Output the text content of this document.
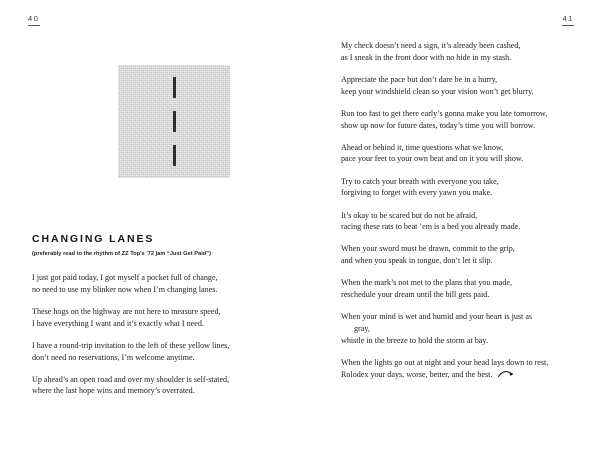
40
CHANGING LANES

(preferably read to the rhythm of ZZ Top's '72 jam “Just Get Paid”)

I just got paid today, I got myself a pocket full of change,
no need to use my blinker now when I’m changing lanes.

These hogs on the highway are not here to measure speed,
I have everything I want and it’s exactly what I need.

I have a round-trip invitation to the left of these yellow lines,
don’t need no reservations, I’m welcome anytime.

Up ahead’s an open road and over my shoulder is self-stated,
where the last hope wins and memory’s overrated.

41

My check doesn’t need a sign, it’s already been cashed,
as I sneak in the front door with no hide in my stash.

Appreciate the pace but don’t dare be in a hurry,
keep your windshield clean so your vision won’t get blurry.

Run too fast to get there early’s gonna make you late tomorrow,
show up now for future dates, today’s time you will borrow.

Ahead or behind it, time questions what we know,
pace your feet to your own beat and on it you will show.

Try to catch your breath with everyone you take,
forgiving to forget with every yawn you make.

It’s okay to be scared but do not be afraid,
racing these rats to beat ’em is a bed you already made.

When your sword must be drawn, commit to the grip,
and when you speak in tongue, don’t let it slip.

When the mark’s not met to the plans that you made,
reschedule your dream until the bill gets paid.

When your mind is wet and humid and your heart is just as
gray,
whistle in the breeze to hold the storm at bay.

When the lights go out at night and your head lays down to rest,
Rolodex your days, worse, better, and the best.
